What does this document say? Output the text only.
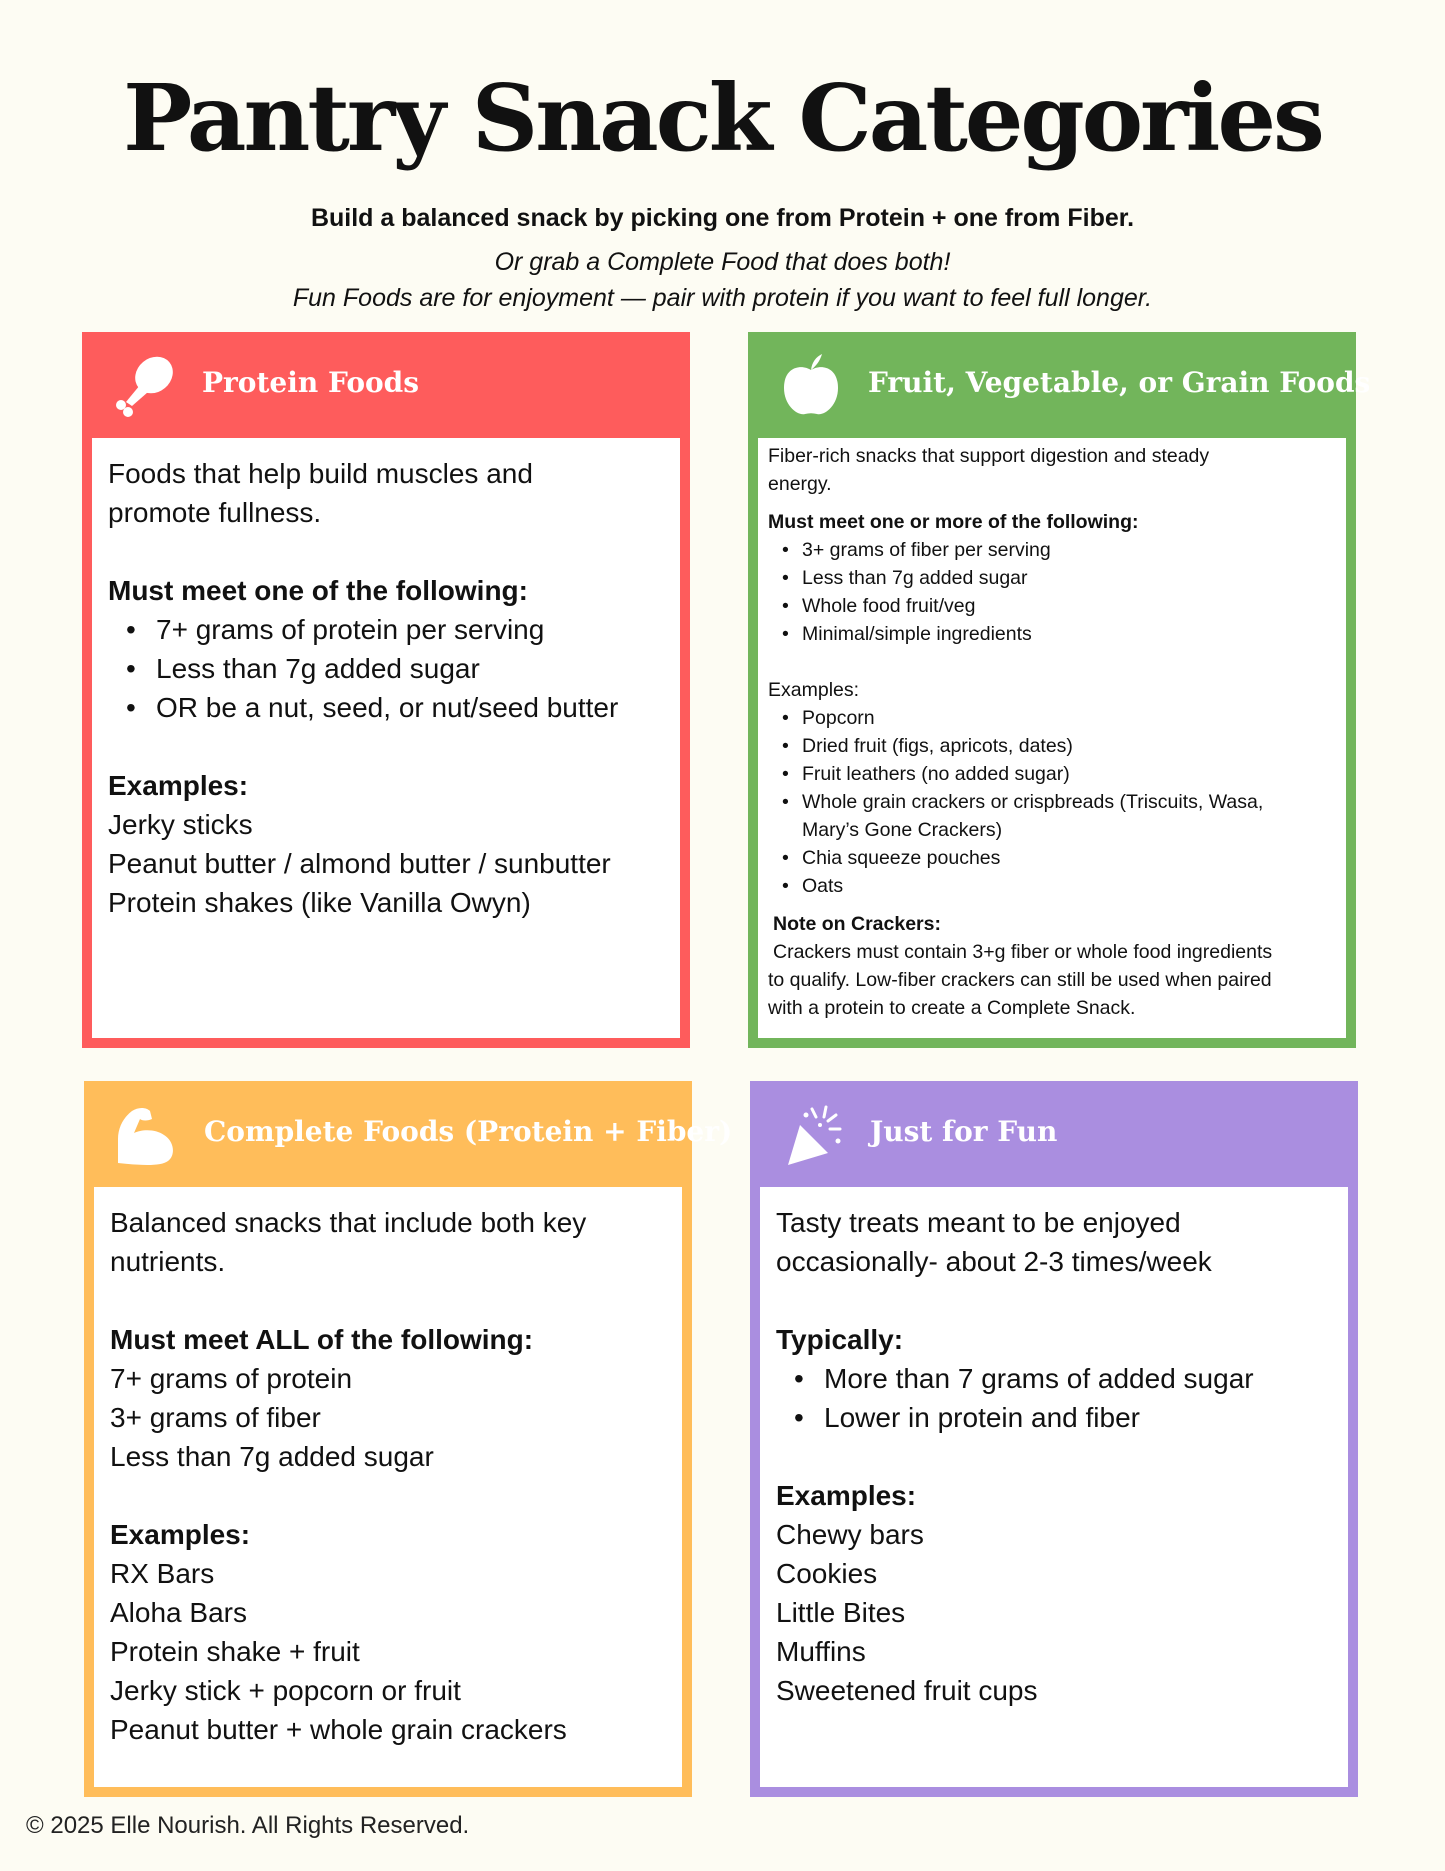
Pantry Snack Categories
Build a balanced snack by picking one from Protein + one from Fiber.
Or grab a Complete Food that does both!
Fun Foods are for enjoyment — pair with protein if you want to feel full longer.
Protein Foods

Foods that help build muscles and

promote fullness.

Must meet one of the following:

• 7+ grams of protein per serving
• Less than 7g added sugar
• OR be a nut, seed, or nut/seed butter

Examples:

Jerky sticks

Peanut butter / almond butter / sunbutter

Protein shakes (like Vanilla Owyn)

Fruit, Vegetable, or Grain Foods

Fiber-rich snacks that support digestion and steady

energy.

Must meet one or more of the following:

• 3+ grams of fiber per serving
• Less than 7g added sugar
• Whole food fruit/veg
• Minimal/simple ingredients

Examples:

• Popcorn
• Dried fruit (figs, apricots, dates)
• Fruit leathers (no added sugar)
• Whole grain crackers or crispbreads (Triscuits, Wasa, Mary’s Gone Crackers)
• Chia squeeze pouches
• Oats

Note on Crackers:

Crackers must contain 3+g fiber or whole food ingredients

to qualify. Low-fiber crackers can still be used when paired

with a protein to create a Complete Snack.

Complete Foods (Protein + Fiber)

Balanced snacks that include both key

nutrients.

Must meet ALL of the following:

7+ grams of protein

3+ grams of fiber

Less than 7g added sugar

Examples:

RX Bars

Aloha Bars

Protein shake + fruit

Jerky stick + popcorn or fruit

Peanut butter + whole grain crackers

Just for Fun

Tasty treats meant to be enjoyed

occasionally- about 2-3 times/week

Typically:

• More than 7 grams of added sugar
• Lower in protein and fiber

Examples:

Chewy bars

Cookies

Little Bites

Muffins

Sweetened fruit cups

© 2025 Elle Nourish. All Rights Reserved.
